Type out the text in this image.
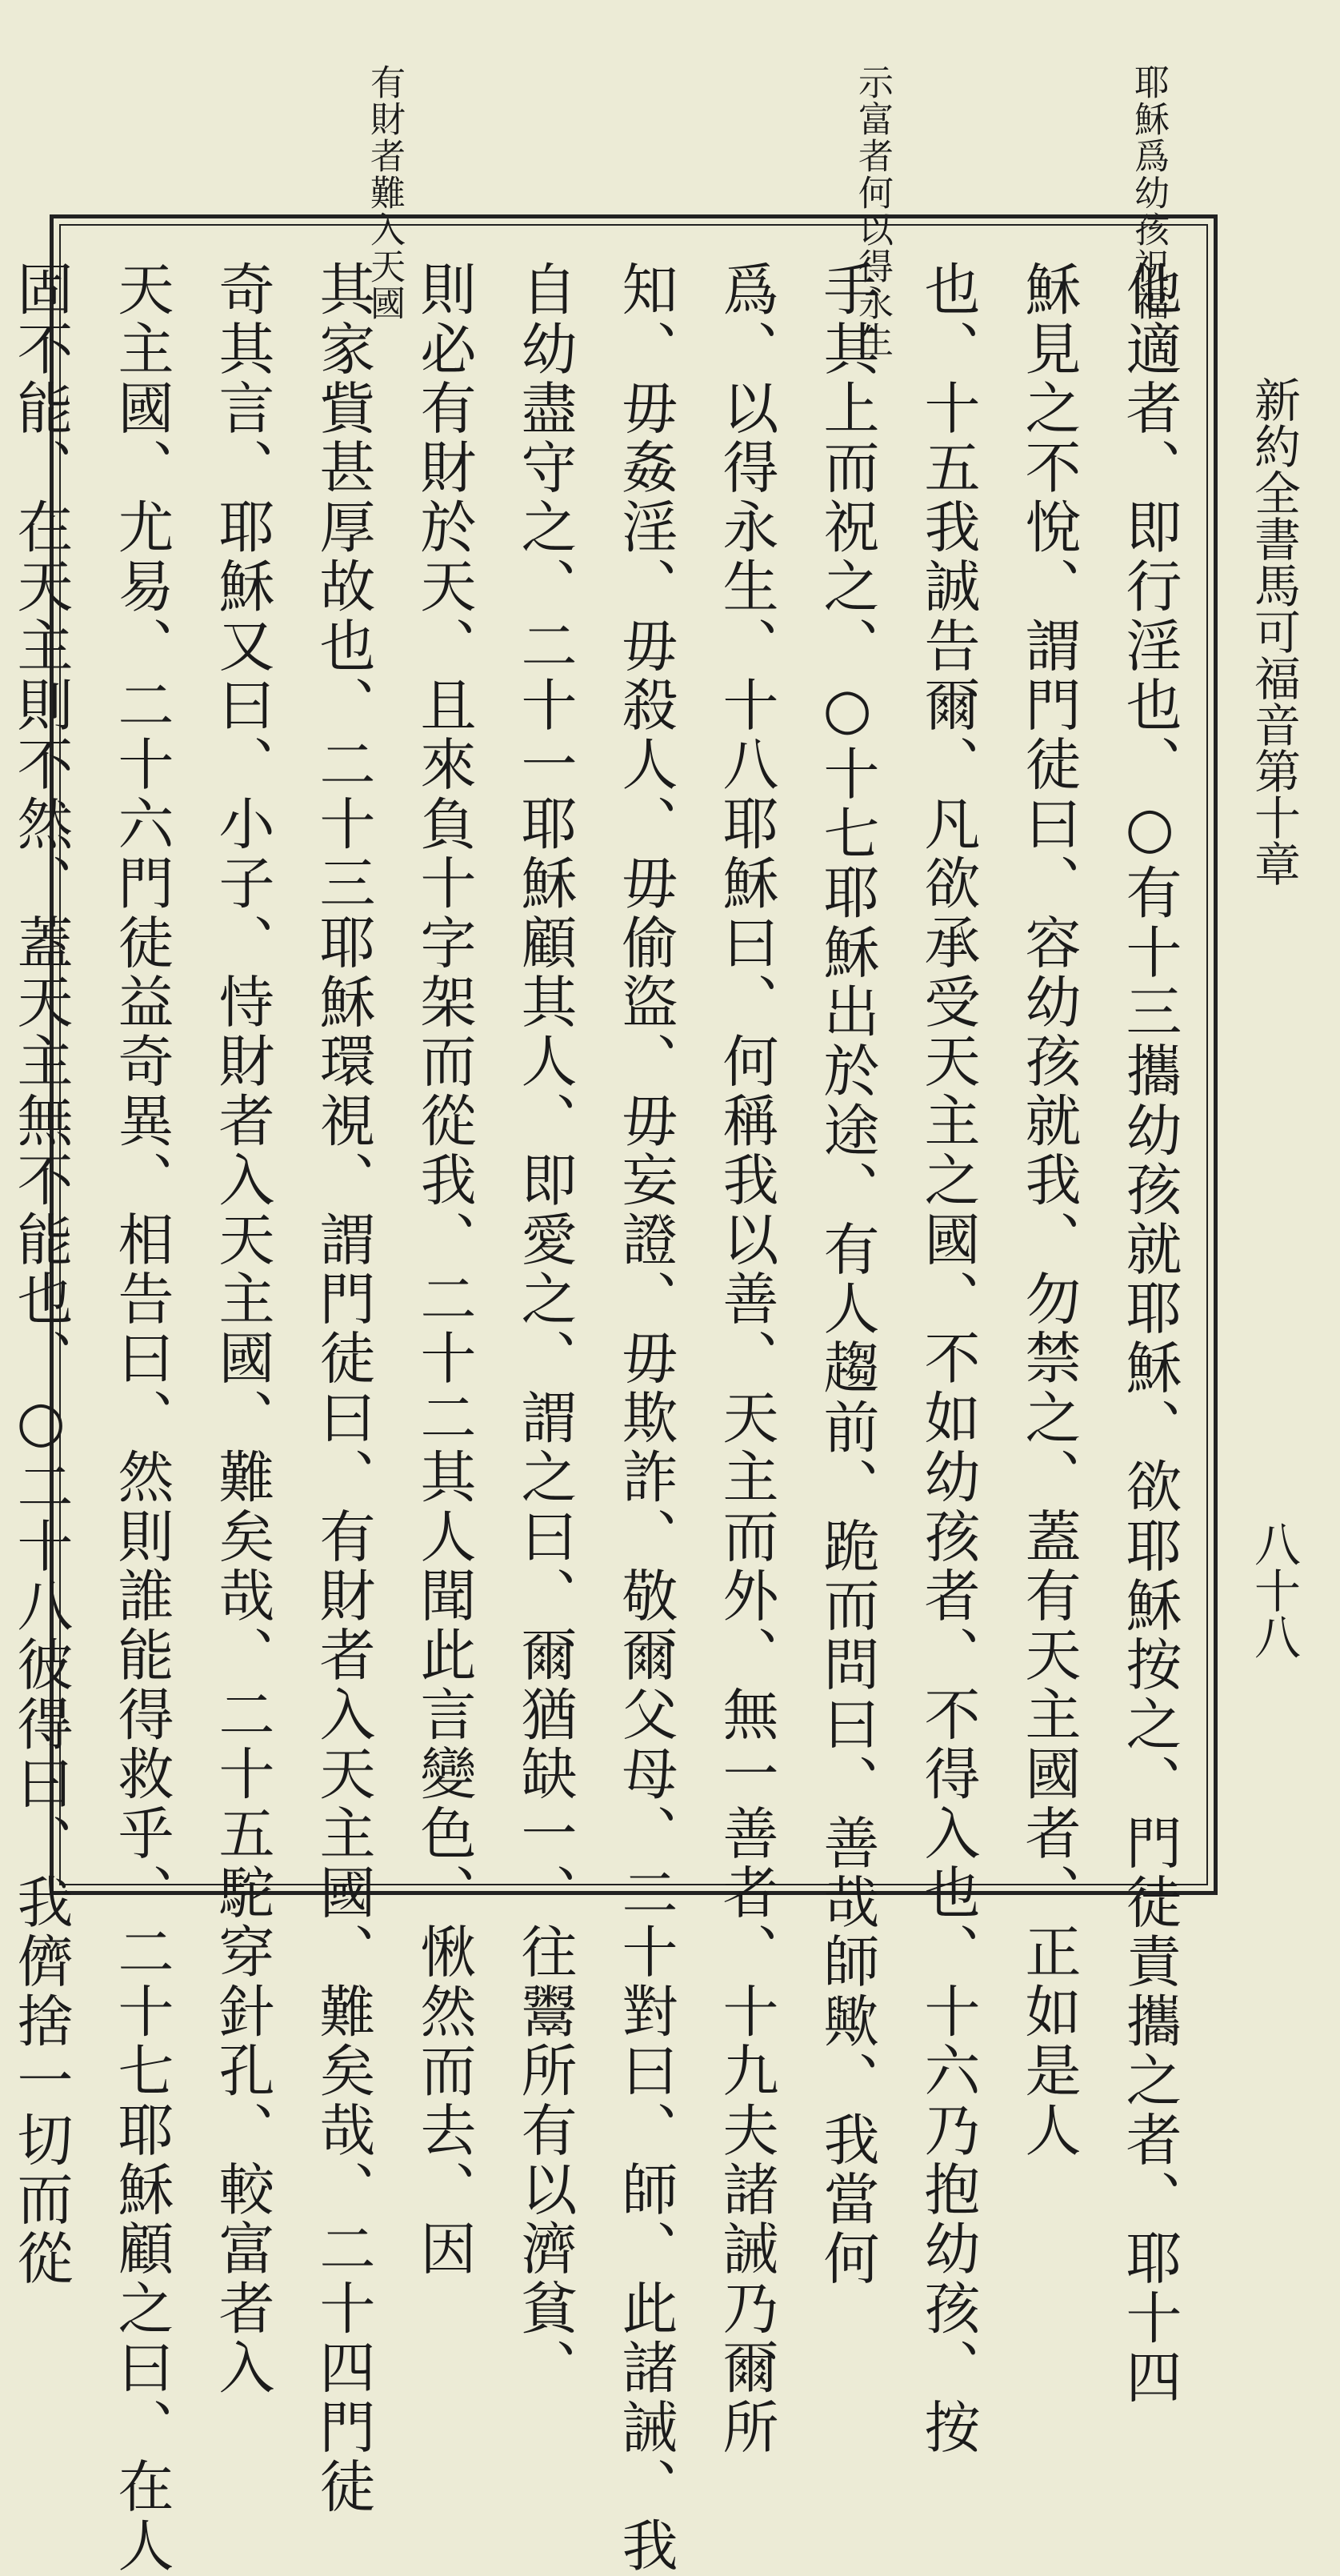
耶穌爲幼孩祝福
示富者何以得永生
有財者難入天國
新約全書馬可福音第十章
八十八

他適者、即行淫也、○有十三攜幼孩就耶穌、欲耶穌按之、門徒責攜之者、耶十四

穌見之不悅、謂門徒曰、容幼孩就我、勿禁之、蓋有天主國者、正如是人

也、十五我誠告爾、凡欲承受天主之國、不如幼孩者、不得入也、十六乃抱幼孩、按

手其上而祝之、○十七耶穌出於途、有人趨前、跪而問曰、善哉師歟、我當何

爲、以得永生、十八耶穌曰、何稱我以善、天主而外、無一善者、十九夫諸誡乃爾所

知、毋姦淫、毋殺人、毋偷盜、毋妄證、毋欺詐、敬爾父母、二十對曰、師、此諸誡、我

自幼盡守之、二十一耶穌顧其人、即愛之、謂之曰、爾猶缺一、往鬻所有以濟貧、

則必有財於天、且來負十字架而從我、二十二其人聞此言變色、愀然而去、因

其家貲甚厚故也、二十三耶穌環視、謂門徒曰、有財者入天主國、難矣哉、二十四門徒

奇其言、耶穌又曰、小子、恃財者入天主國、難矣哉、二十五駝穿針孔、較富者入

天主國、尤易、二十六門徒益奇異、相告曰、然則誰能得救乎、二十七耶穌顧之曰、在人

固不能、在天主則不然、蓋天主無不能也、○二十八彼得曰、我儕捨一切而從
